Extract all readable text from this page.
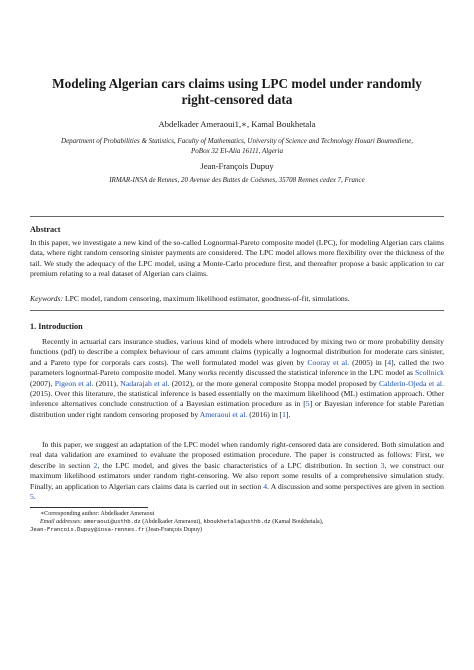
Modeling Algerian cars claims using LPC model under randomly
right-censored data
Abdelkader Ameraoui1,∗, Kamal Boukhetala
Department of Probabilities & Statistics, Faculty of Mathematics, University of Science and Technology Houari Boumediene,
PoBox 32 El-Alia 16111, Algeria
Jean-François Dupuy
IRMAR-INSA de Rennes, 20 Avenue des Buttes de Coësmes, 35708 Rennes cedex 7, France
Abstract
In this paper, we investigate a new kind of the so-called Lognormal-Pareto composite model (LPC), for modeling Algerian cars claims data, where right random censoring sinister payments are considered. The LPC model allows more flexibility over the thickness of the tail. We study the adequacy of the LPC model, using a Monte-Carlo procedure first, and thereafter propose a basic application to car premium relating to a real dataset of Algerian cars claims.
Keywords: LPC model, random censoring, maximum likelihood estimator, goodness-of-fit, simulations.
1. Introduction
Recently in actuarial cars insurance studies, various kind of models where introduced by mixing two or more probability density functions (pdf) to describe a complex behaviour of cars amount claims (typically a lognormal distribution for moderate cars sinister, and a Pareto type for corporals cars costs). The well formulated model was given by Cooray et al. (2005) in [4], called the two parameters lognormal-Pareto composite model. Many works recently discussed the statistical inference in the LPC model as Scollnick (2007), Pigeon et al. (2011), Nadarajah et al. (2012), or the more general composite Stoppa model proposed by Calderín-Ojeda et al. (2015). Over this literature, the statistical inference is based essentially on the maximum likelihood (ML) estimation approach. Other inference alternatives conclude construction of a Bayesian estimation procedure as in [5] or Bayesian inference for stable Paretian distribution under right random censoring proposed by Ameraoui et al. (2016) in [1].
In this paper, we suggest an adaptation of the LPC model when randomly right-censored data are considered. Both simulation and real data validation are examined to evaluate the proposed estimation procedure. The paper is constructed as follows: First, we describe in section 2, the LPC model, and gives the basic characteristics of a LPC distribution. In section 3, we construct our maximum likelihood estimators under random right-censoring. We also report some results of a comprehensive simulation study. Finally, an application to Algerian cars claims data is carried out in section 4. A discussion and some perspectives are given in section 5.
∗Corresponding author: Abdelkader Ameraoui
Email addresses: ameraoui@usthb.dz (Abdelkader Ameraoui), kboukhetala@usthb.dz (Kamal Boukhetala),
Jean-Francois.Dupuy@insa-rennes.fr (Jean-François Dupuy)
